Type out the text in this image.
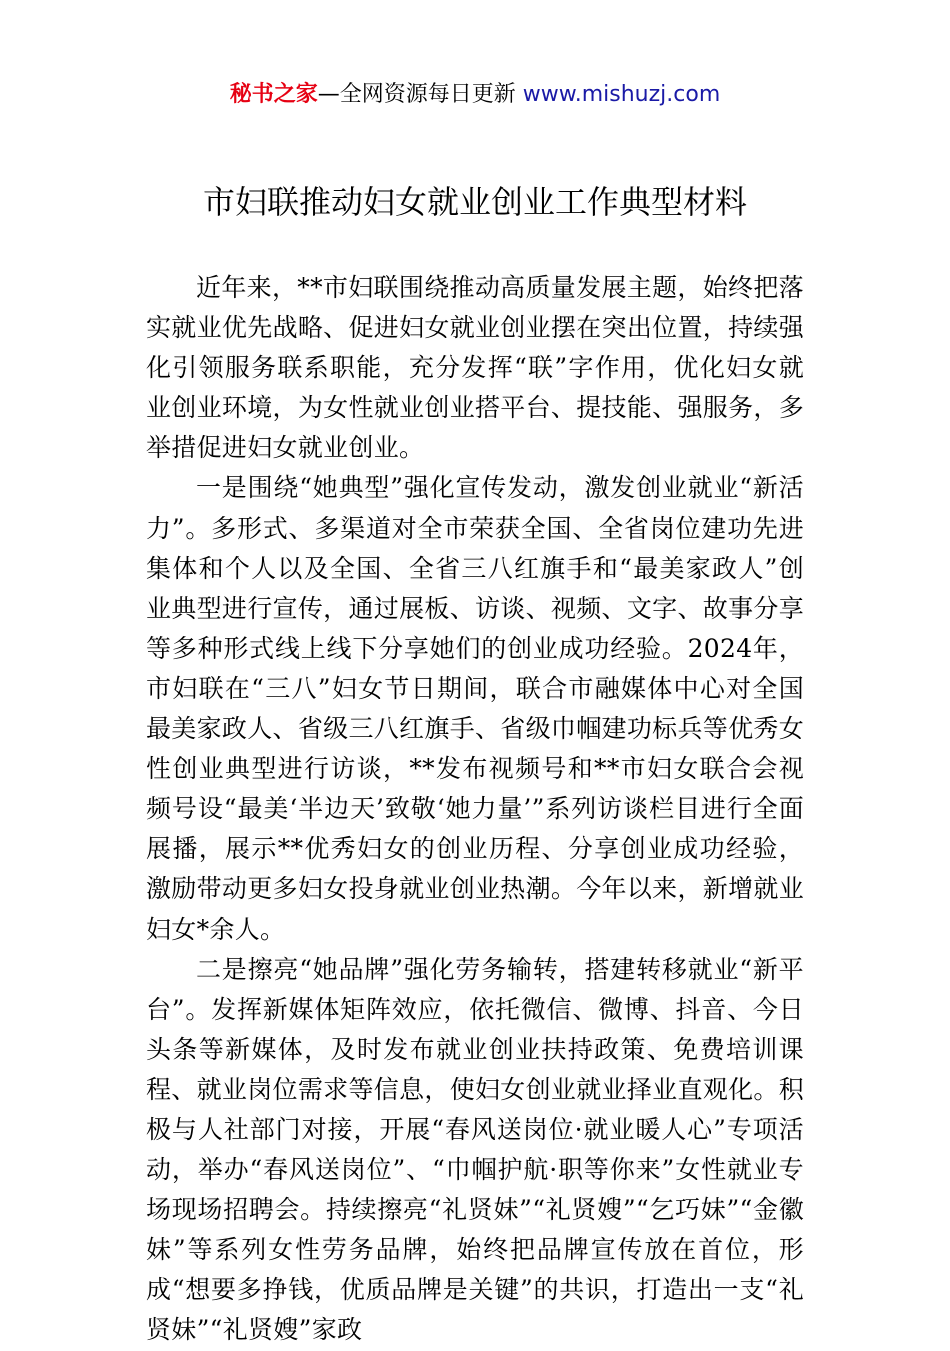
秘书之家—全网资源每日更新 www.mishuzj.com
市妇联推动妇女就业创业工作典型材料

近年来，**市妇联围绕推动高质量发展主题，始终把落实就业优先战略、促进妇女就业创业摆在突出位置，持续强化引领服务联系职能，充分发挥“联”字作用，优化妇女就业创业环境，为女性就业创业搭平台、提技能、强服务，多举措促进妇女就业创业。

一是围绕“她典型”强化宣传发动，激发创业就业“新活力”。多形式、多渠道对全市荣获全国、全省岗位建功先进集体和个人以及全国、全省三八红旗手和“最美家政人”创业典型进行宣传，通过展板、访谈、视频、文字、故事分享等多种形式线上线下分享她们的创业成功经验。2024年，市妇联在“三八”妇女节日期间，联合市融媒体中心对全国最美家政人、省级三八红旗手、省级巾帼建功标兵等优秀女性创业典型进行访谈，**发布视频号和**市妇女联合会视频号设“最美‘半边天’致敬‘她力量’”系列访谈栏目进行全面展播，展示**优秀妇女的创业历程、分享创业成功经验，激励带动更多妇女投身就业创业热潮。今年以来，新增就业妇女*余人。

二是擦亮“她品牌”强化劳务输转，搭建转移就业“新平台”。发挥新媒体矩阵效应，依托微信、微博、抖音、今日头条等新媒体，及时发布就业创业扶持政策、免费培训课程、就业岗位需求等信息，使妇女创业就业择业直观化。积极与人社部门对接，开展“春风送岗位·就业暖人心”专项活动，举办“春风送岗位”、“巾帼护航·职等你来”女性就业专场现场招聘会。持续擦亮“礼贤妹”“礼贤嫂”“乞巧妹”“金徽妹”等系列女性劳务品牌，始终把品牌宣传放在首位，形成“想要多挣钱，优质品牌是关键”的共识，打造出一支“礼贤妹”“礼贤嫂”家政
